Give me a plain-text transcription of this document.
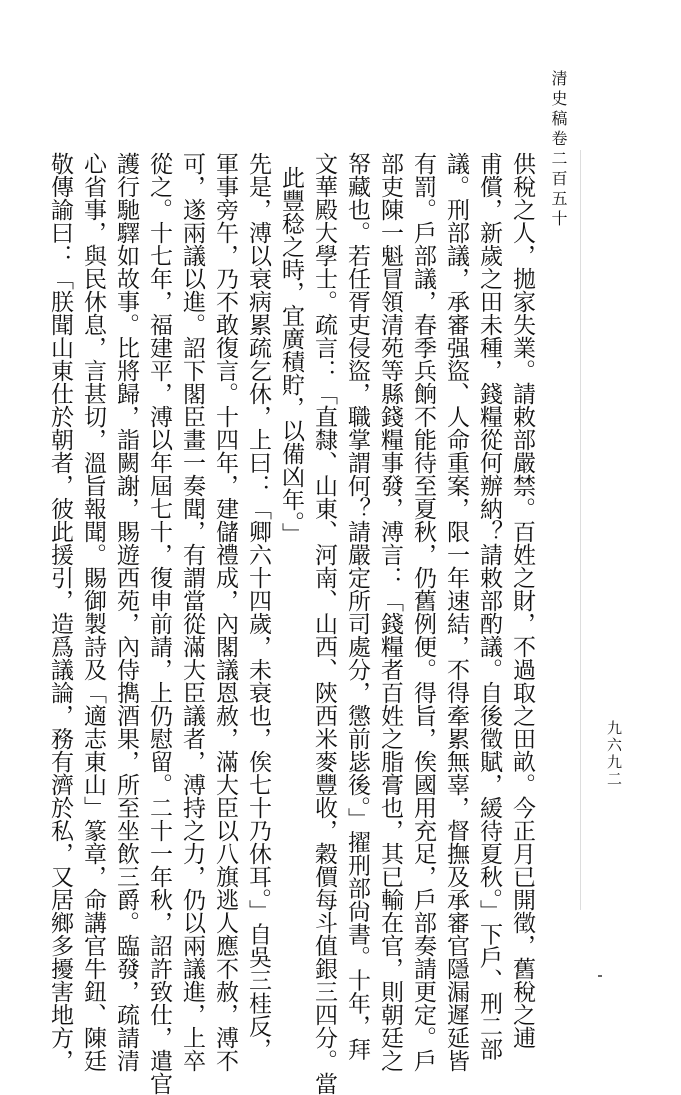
清史稿卷二百五十
九六九二
供稅之人，拋家失業。請敕部嚴禁。百姓之財，不過取之田畝。今正月已開徵，舊稅之逋
甫償，新歲之田未種，錢糧從何辦納？請敕部酌議。自後徵賦，緩待夏秋。」下戶、刑二部
議。刑部議，承審强盜、人命重案，限一年速結，不得牽累無辜，督撫及承審官隱漏遲延皆
有罰。戶部議，春季兵餉不能待至夏秋，仍舊例便。得旨，俟國用充足，戶部奏請更定。戶
部吏陳一魁冒領清苑等縣錢糧事發，溥言：「錢糧者百姓之脂膏也，其已輸在官，則朝廷之
帑藏也。若任胥吏侵盜，職掌謂何？請嚴定所司處分，懲前毖後。」擢刑部尙書。十年，拜
文華殿大學士。疏言：「直隸、山東、河南、山西、陝西米麥豐收，穀價每斗值銀三四分。當
此豐稔之時，宜廣積貯，以備凶年。」
先是，溥以衰病累疏乞休，上曰：「卿六十四歲，未衰也，俟七十乃休耳。」自吳三桂反，
軍事旁午，乃不敢復言。十四年，建儲禮成，內閣議恩赦，滿大臣以八旗逃人應不赦，溥不
可，遂兩議以進。詔下閣臣畫一奏聞，有謂當從滿大臣議者，溥持之力，仍以兩議進，上卒
從之。十七年，福建平，溥以年屆七十，復申前請，上仍慰留。二十一年秋，詔許致仕，遣官
護行馳驛如故事。比將歸，詣闕謝，賜遊西苑，內侍擕酒果，所至坐飲三爵。臨發，疏請清
心省事，與民休息，言甚切，溫旨報聞。賜御製詩及「適志東山」篆章，命講官牛鈕、陳廷
敬傳諭曰：「朕聞山東仕於朝者，彼此援引，造爲議論，務有濟於私，又居鄉多擾害地方，
